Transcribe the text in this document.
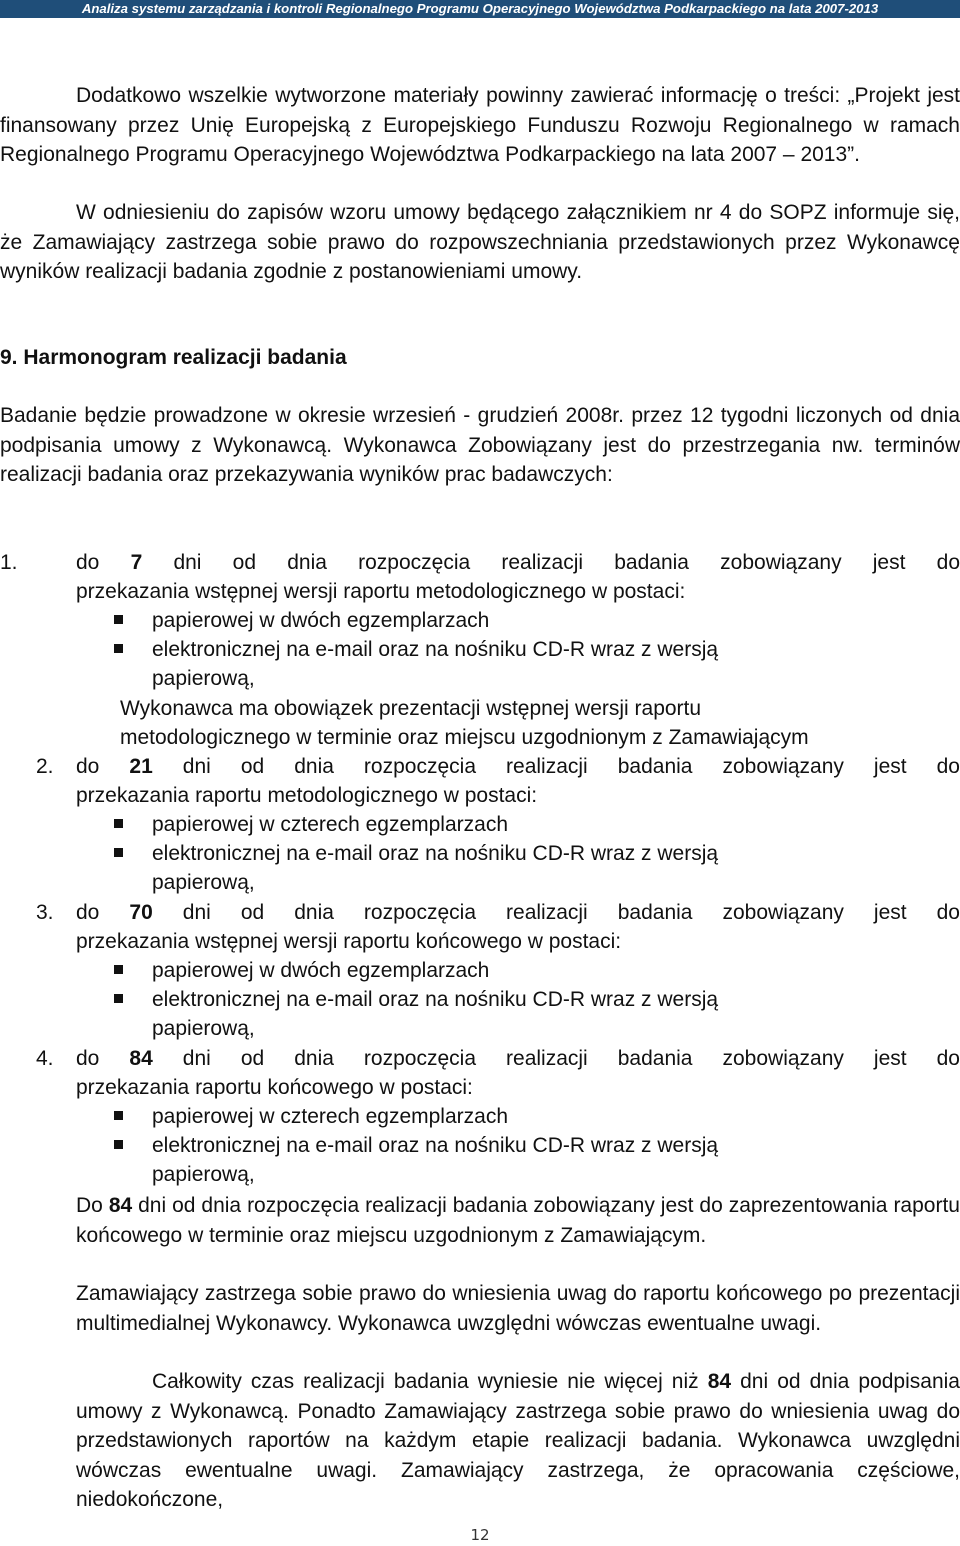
Analiza systemu zarządzania i kontroli Regionalnego Programu Operacyjnego Województwa Podkarpackiego na lata 2007-2013

Dodatkowo wszelkie wytworzone materiały powinny zawierać informację o treści: „Projekt jest finansowany przez Unię Europejską z Europejskiego Funduszu Rozwoju Regionalnego w ramach Regionalnego Programu Operacyjnego Województwa Podkarpackiego na lata 2007 – 2013”.

W odniesieniu do zapisów wzoru umowy będącego załącznikiem nr 4 do SOPZ informuje się, że Zamawiający zastrzega sobie prawo do rozpowszechniania przedstawionych przez Wykonawcę wyników realizacji badania zgodnie z postanowieniami umowy.

9. Harmonogram realizacji badania

Badanie będzie prowadzone w okresie wrzesień - grudzień 2008r. przez 12 tygodni liczonych od dnia podpisania umowy z Wykonawcą. Wykonawca Zobowiązany jest do przestrzegania nw. terminów realizacji badania oraz przekazywania wyników prac badawczych:

1.	do 7 dni od dnia rozpoczęcia realizacji badania zobowiązany jest do

przekazania wstępnej wersji raportu metodologicznego w postaci:

papierowej w dwóch egzemplarzach

elektronicznej na e-mail oraz na nośniku CD-R wraz z wersją

papierową,

Wykonawca ma obowiązek prezentacji wstępnej wersji raportu

metodologicznego w terminie oraz miejscu uzgodnionym z Zamawiającym

2. do 21 dni od dnia rozpoczęcia realizacji badania zobowiązany jest do

przekazania raportu metodologicznego w postaci:

papierowej w czterech egzemplarzach

elektronicznej na e-mail oraz na nośniku CD-R wraz z wersją

papierową,

3. do 70 dni od dnia rozpoczęcia realizacji badania zobowiązany jest do

przekazania wstępnej wersji raportu końcowego w postaci:

papierowej w dwóch egzemplarzach

elektronicznej na e-mail oraz na nośniku CD-R wraz z wersją

papierową,

4. do 84 dni od dnia rozpoczęcia realizacji badania zobowiązany jest do

przekazania raportu końcowego w postaci:

papierowej w czterech egzemplarzach

elektronicznej na e-mail oraz na nośniku CD-R wraz z wersją

papierową,

Do 84 dni od dnia rozpoczęcia realizacji badania zobowiązany jest do zaprezentowania raportu końcowego w terminie oraz miejscu uzgodnionym z Zamawiającym.

Zamawiający zastrzega sobie prawo do wniesienia uwag do raportu końcowego po prezentacji multimedialnej Wykonawcy. Wykonawca uwzględni wówczas ewentualne uwagi.

Całkowity czas realizacji badania wyniesie nie więcej niż 84 dni od dnia podpisania umowy z Wykonawcą. Ponadto Zamawiający zastrzega sobie prawo do wniesienia uwag do przedstawionych raportów na każdym etapie realizacji badania. Wykonawca uwzględni wówczas ewentualne uwagi. Zamawiający zastrzega, że opracowania częściowe, niedokończone,

12
